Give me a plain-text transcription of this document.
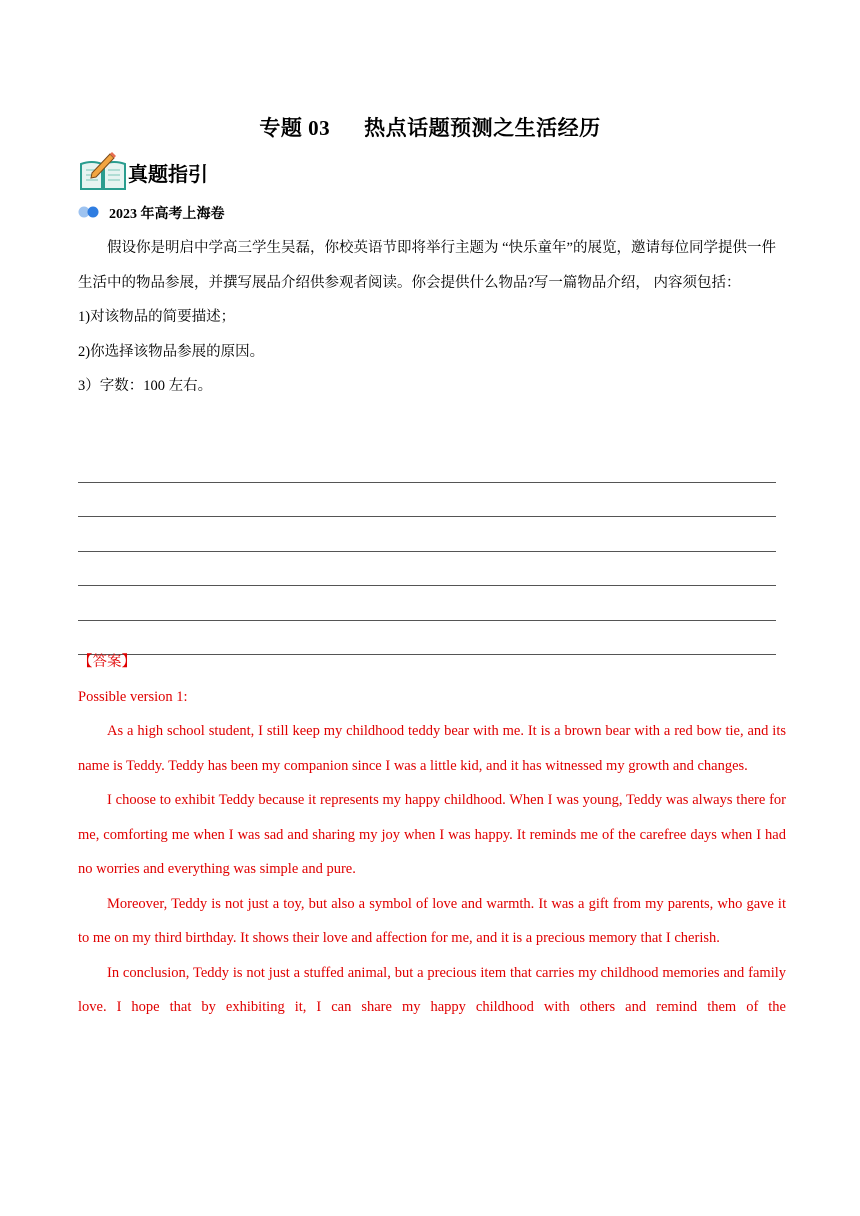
专题 03 热点话题预测之生活经历
真题指引
2023 年高考上海卷

假设你是明启中学高三学生吴磊，你校英语节即将举行主题为 “快乐童年”的展览，邀请每位同学提供一件生活中的物品参展，并撰写展品介绍供参观者阅读。你会提供什么物品?写一篇物品介绍， 内容须包括：

1)对该物品的简要描述；

2)你选择该物品参展的原因。

3）字数：100 左右。

【答案】

Possible version 1:

As a high school student, I still keep my childhood teddy bear with me. It is a brown bear with a red bow tie, and its name is Teddy. Teddy has been my companion since I was a little kid, and it has witnessed my growth and changes.

I choose to exhibit Teddy because it represents my happy childhood. When I was young, Teddy was always there for me, comforting me when I was sad and sharing my joy when I was happy. It reminds me of the carefree days when I had no worries and everything was simple and pure.

Moreover, Teddy is not just a toy, but also a symbol of love and warmth. It was a gift from my parents, who gave it to me on my third birthday. It shows their love and affection for me, and it is a precious memory that I cherish.

In conclusion, Teddy is not just a stuffed animal, but a precious item that carries my childhood memories and family love. I hope that by exhibiting it, I can share my happy childhood with others and remind them of the
